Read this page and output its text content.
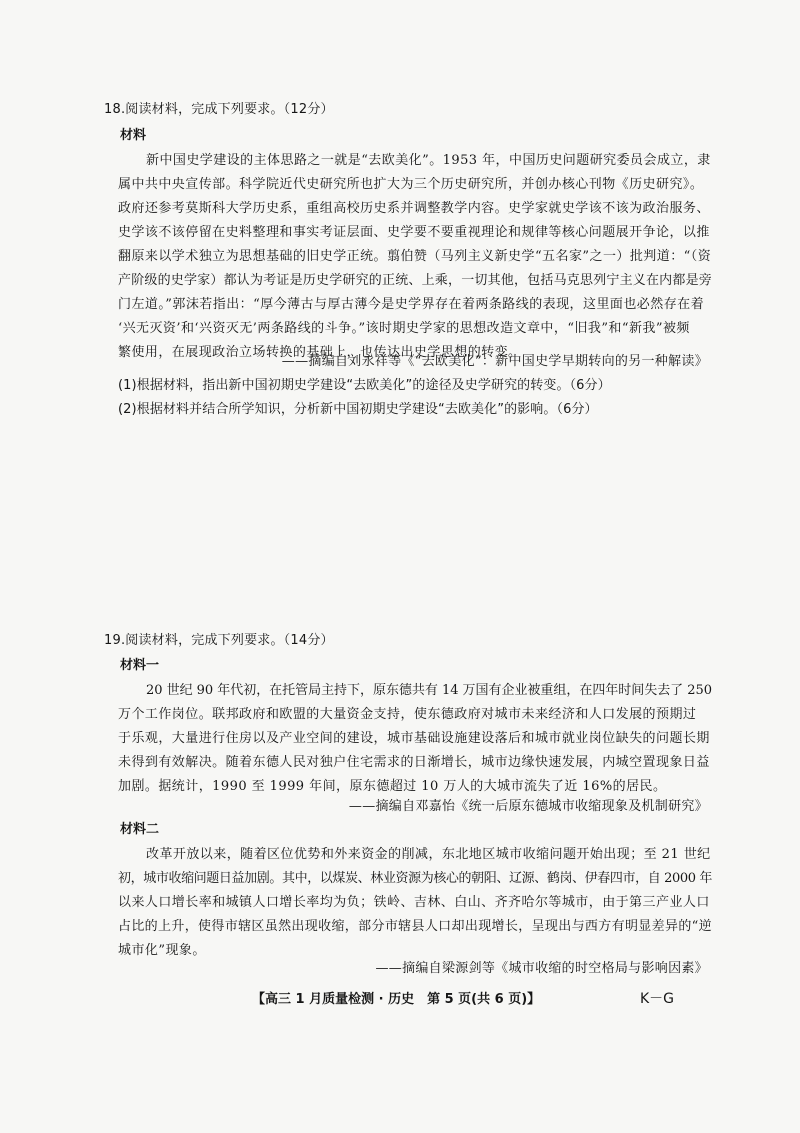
18.阅读材料，完成下列要求。（12分）
材料
新中国史学建设的主体思路之一就是“去欧美化”。1953 年，中国历史问题研究委员会成立，隶
属中共中央宣传部。科学院近代史研究所也扩大为三个历史研究所，并创办核心刊物《历史研究》。
政府还参考莫斯科大学历史系，重组高校历史系并调整教学内容。史学家就史学该不该为政治服务、
史学该不该停留在史料整理和事实考证层面、史学要不要重视理论和规律等核心问题展开争论，以推
翻原来以学术独立为思想基础的旧史学正统。翦伯赞（马列主义新史学“五名家”之一）批判道：“（资
产阶级的史学家）都认为考证是历史学研究的正统、上乘，一切其他，包括马克思列宁主义在内都是旁
门左道。”郭沫若指出：“厚今薄古与厚古薄今是史学界存在着两条路线的表现，这里面也必然存在着
‘兴无灭资’和‘兴资灭无’两条路线的斗争。”该时期史学家的思想改造文章中，“旧我”和“新我”被频
繁使用，在展现政治立场转换的基础上，也传达出史学思想的转变。
——摘编自刘永祥等《“去欧美化”：新中国史学早期转向的另一种解读》
(1)根据材料，指出新中国初期史学建设“去欧美化”的途径及史学研究的转变。（6分）
(2)根据材料并结合所学知识，分析新中国初期史学建设“去欧美化”的影响。（6分）
19.阅读材料，完成下列要求。（14分）
材料一
20 世纪 90 年代初，在托管局主持下，原东德共有 14 万国有企业被重组，在四年时间失去了 250
万个工作岗位。联邦政府和欧盟的大量资金支持，使东德政府对城市未来经济和人口发展的预期过
于乐观，大量进行住房以及产业空间的建设，城市基础设施建设落后和城市就业岗位缺失的问题长期
未得到有效解决。随着东德人民对独户住宅需求的日渐增长，城市边缘快速发展，内城空置现象日益
加剧。据统计，1990 至 1999 年间，原东德超过 10 万人的大城市流失了近 16%的居民。
——摘编自邓嘉怡《统一后原东德城市收缩现象及机制研究》
材料二
改革开放以来，随着区位优势和外来资金的削减，东北地区城市收缩问题开始出现；至 21 世纪
初，城市收缩问题日益加剧。其中，以煤炭、林业资源为核心的朝阳、辽源、鹤岗、伊春四市，自 2000 年
以来人口增长率和城镇人口增长率均为负；铁岭、吉林、白山、齐齐哈尔等城市，由于第三产业人口
占比的上升，使得市辖区虽然出现收缩，部分市辖县人口却出现增长，呈现出与西方有明显差异的“逆
城市化”现象。
——摘编自梁源剑等《城市收缩的时空格局与影响因素》
【高三 1 月质量检测 · 历史　第 5 页(共 6 页)】	K－G
